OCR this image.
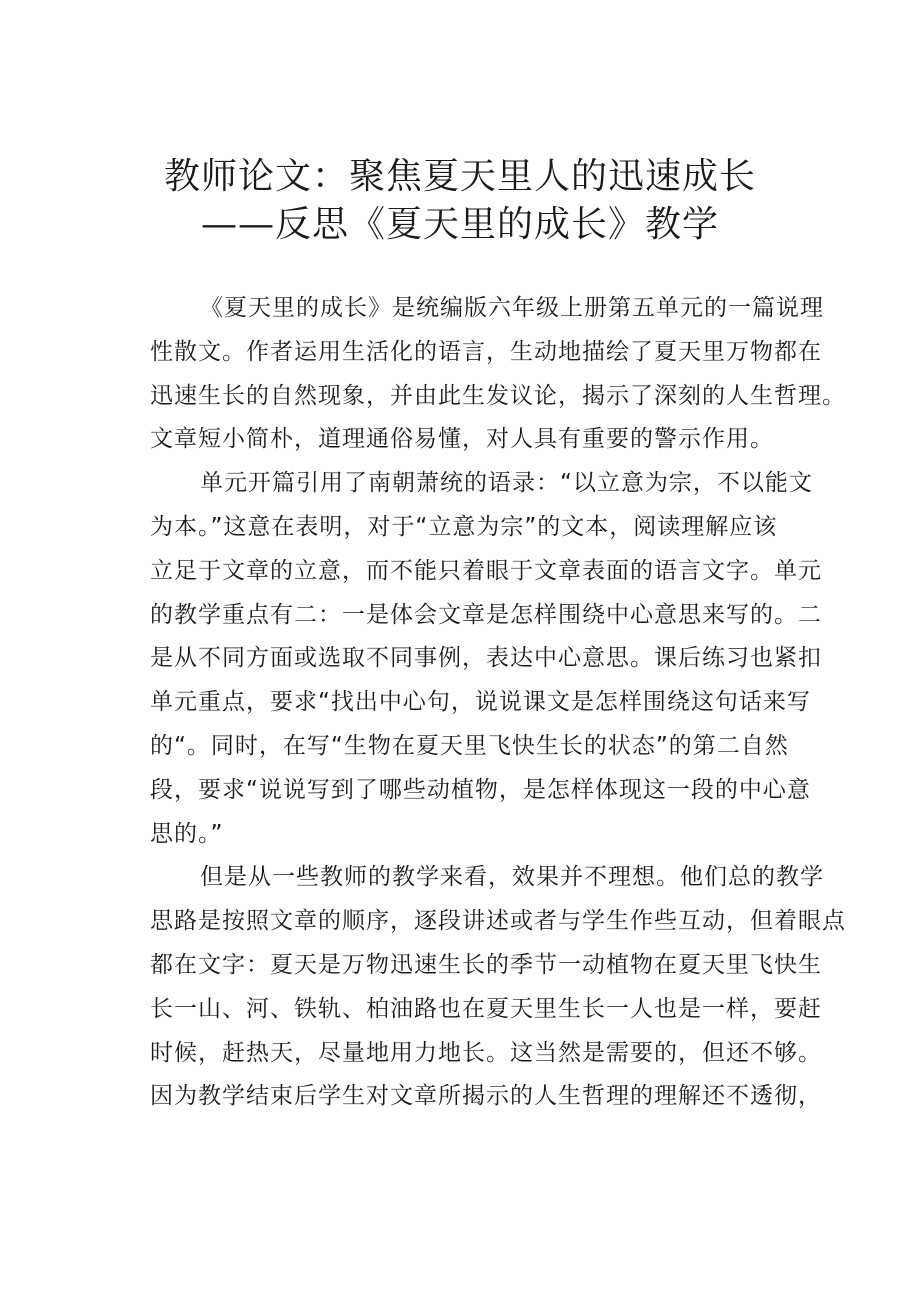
教师论文：聚焦夏天里人的迅速成长
——反思《夏天里的成长》教学

《夏天里的成长》是统编版六年级上册第五单元的一篇说理
性散文。作者运用生活化的语言，生动地描绘了夏天里万物都在
迅速生长的自然现象，并由此生发议论，揭示了深刻的人生哲理。
文章短小简朴，道理通俗易懂，对人具有重要的警示作用。

单元开篇引用了南朝萧统的语录：“以立意为宗，不以能文
为本。”这意在表明，对于“立意为宗”的文本，阅读理解应该
立足于文章的立意，而不能只着眼于文章表面的语言文字。单元
的教学重点有二：一是体会文章是怎样围绕中心意思来写的。二
是从不同方面或选取不同事例，表达中心意思。课后练习也紧扣
单元重点，要求“找出中心句，说说课文是怎样围绕这句话来写
的“。同时，在写“生物在夏天里飞快生长的状态”的第二自然
段，要求“说说写到了哪些动植物，是怎样体现这一段的中心意
思的。”

但是从一些教师的教学来看，效果并不理想。他们总的教学
思路是按照文章的顺序，逐段讲述或者与学生作些互动，但着眼点
都在文字：夏天是万物迅速生长的季节一动植物在夏天里飞快生
长一山、河、铁轨、柏油路也在夏天里生长一人也是一样，要赶
时候，赶热天，尽量地用力地长。这当然是需要的，但还不够。
因为教学结束后学生对文章所揭示的人生哲理的理解还不透彻，
